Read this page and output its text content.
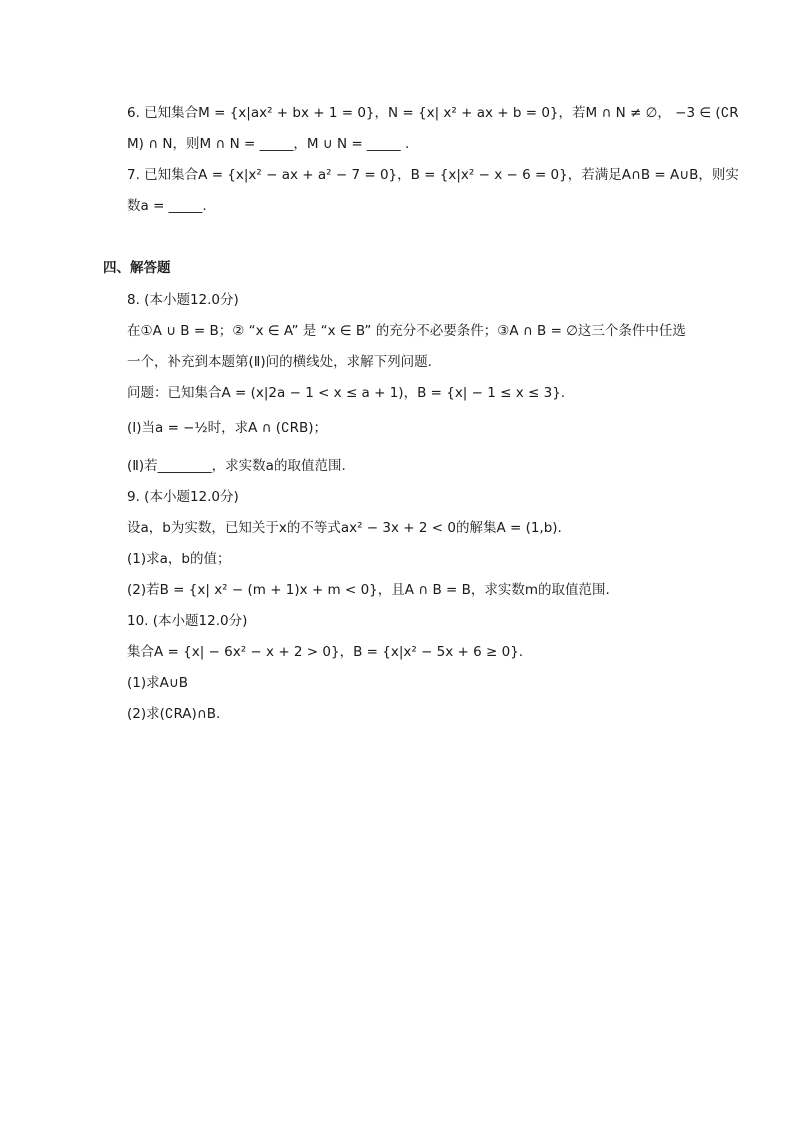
6. 已知集合M = {x|ax² + bx + 1 = 0}，N = {x| x² + ax + b = 0}，若M ∩ N ≠ ∅， −3 ∈ (∁R
M) ∩ N，则M ∩ N = _____，M ∪ N = _____ .
7. 已知集合A = {x|x² − ax + a² − 7 = 0}，B = {x|x² − x − 6 = 0}，若满足A∩B = A∪B，则实
数a = _____.
四、解答题
8. (本小题12.0分)
在①A ∪ B = B；② “x ∈ A” 是 “x ∈ B” 的充分不必要条件；③A ∩ B = ∅这三个条件中任选
一个，补充到本题第(Ⅱ)问的横线处，求解下列问题.
问题：已知集合A = (x|2a − 1 < x ≤ a + 1)，B = {x| − 1 ≤ x ≤ 3}.
(Ⅰ)当a = −½时，求A ∩ (∁RB)；
(Ⅱ)若________，求实数a的取值范围.
9. (本小题12.0分)
设a，b为实数，已知关于x的不等式ax² − 3x + 2 < 0的解集A = (1,b).
(1)求a，b的值；
(2)若B = {x| x² − (m + 1)x + m < 0}，且A ∩ B = B，求实数m的取值范围.
10. (本小题12.0分)
集合A = {x| − 6x² − x + 2 > 0}，B = {x|x² − 5x + 6 ≥ 0}.
(1)求A∪B
(2)求(∁RA)∩B.
